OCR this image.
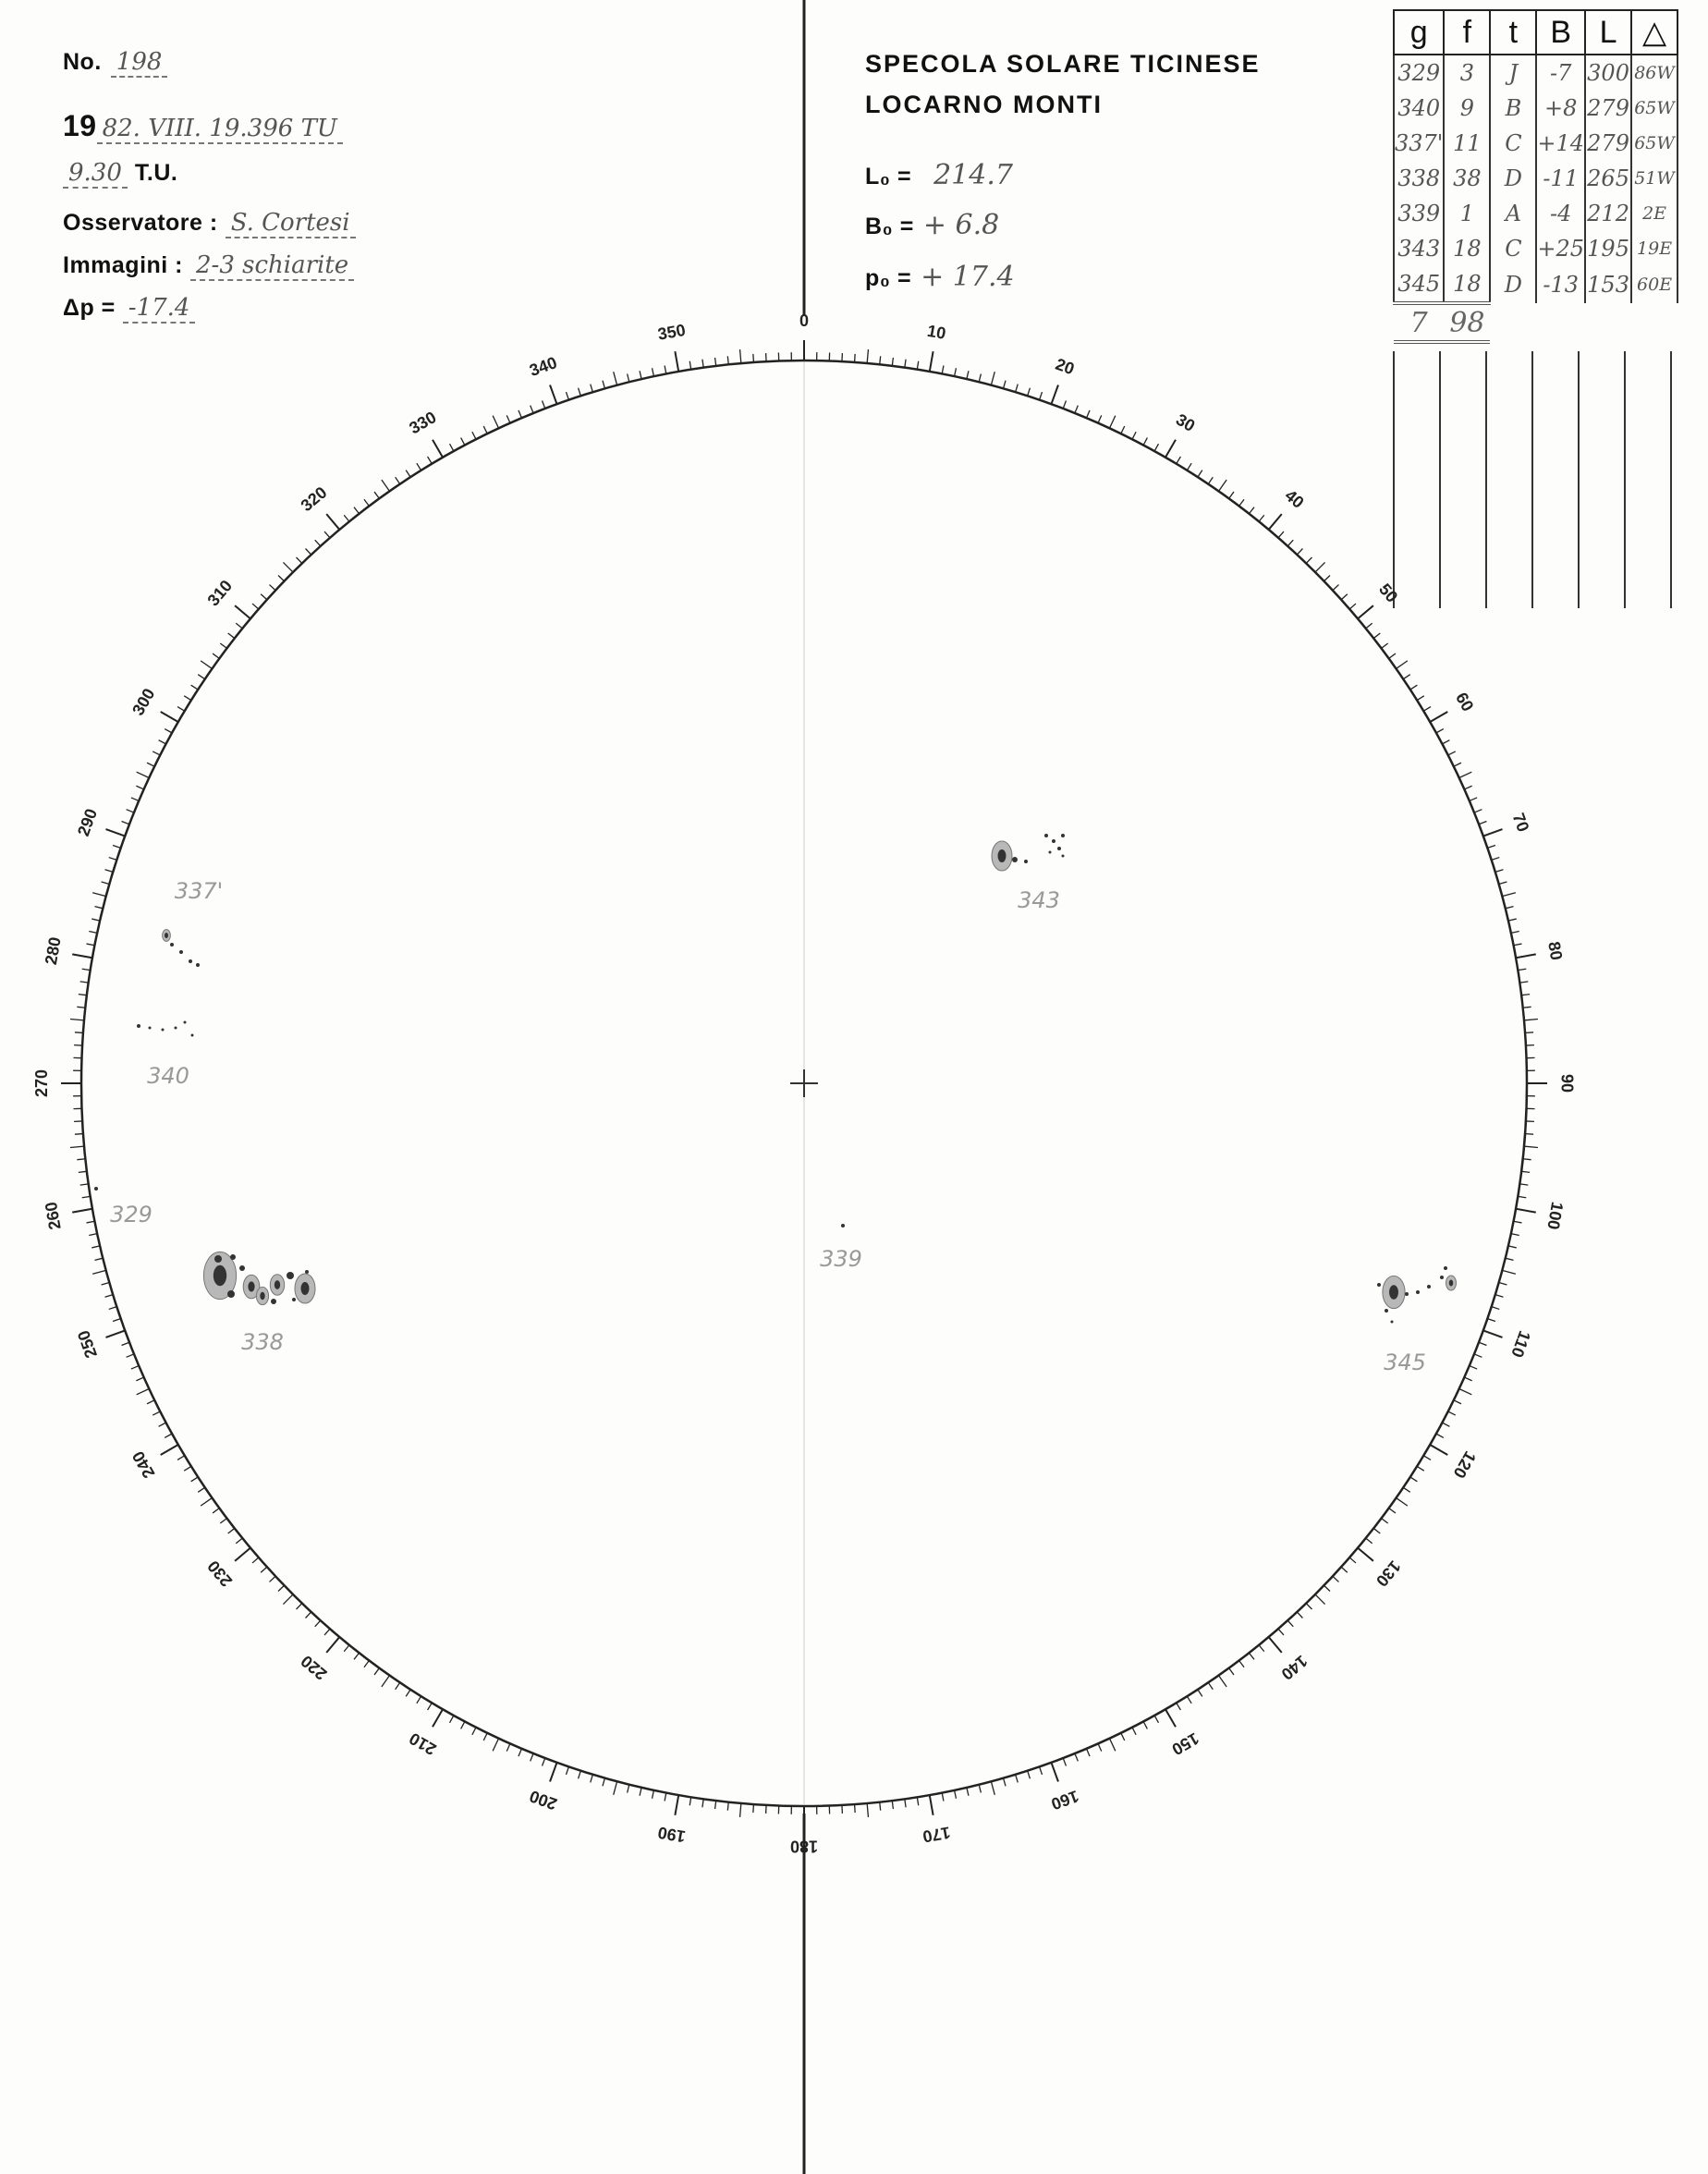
No. 198
19 82. VIII. 19.396 TU
9.30 T.U.
Osservatore : S. Cortesi
Immagini : 2-3 schiarite
Δp = -17.4
SPECOLA SOLARE TICINESE
LOCARNO MONTI
L₀ = 214.7
B₀ = + 6.8
p₀ = + 17.4
g	f	t	B	L	△
329	3	J	-7	300	86W
340	9	B	+8	279	65W
337'	11	C	+14	279	65W
338	38	D	-11	265	51W
339	1	A	-4	212	2E
343	18	C	+25	195	19E
345	18	D	-13	153	60E
7	98				
0
10
20
30
40
50
60
70
80
90
100
110
120
130
140
150
160
170
180
190
200
210
220
230
240
250
260
270
280
290
300
310
320
330
340
350
337'
340
329
338
339
343
345
